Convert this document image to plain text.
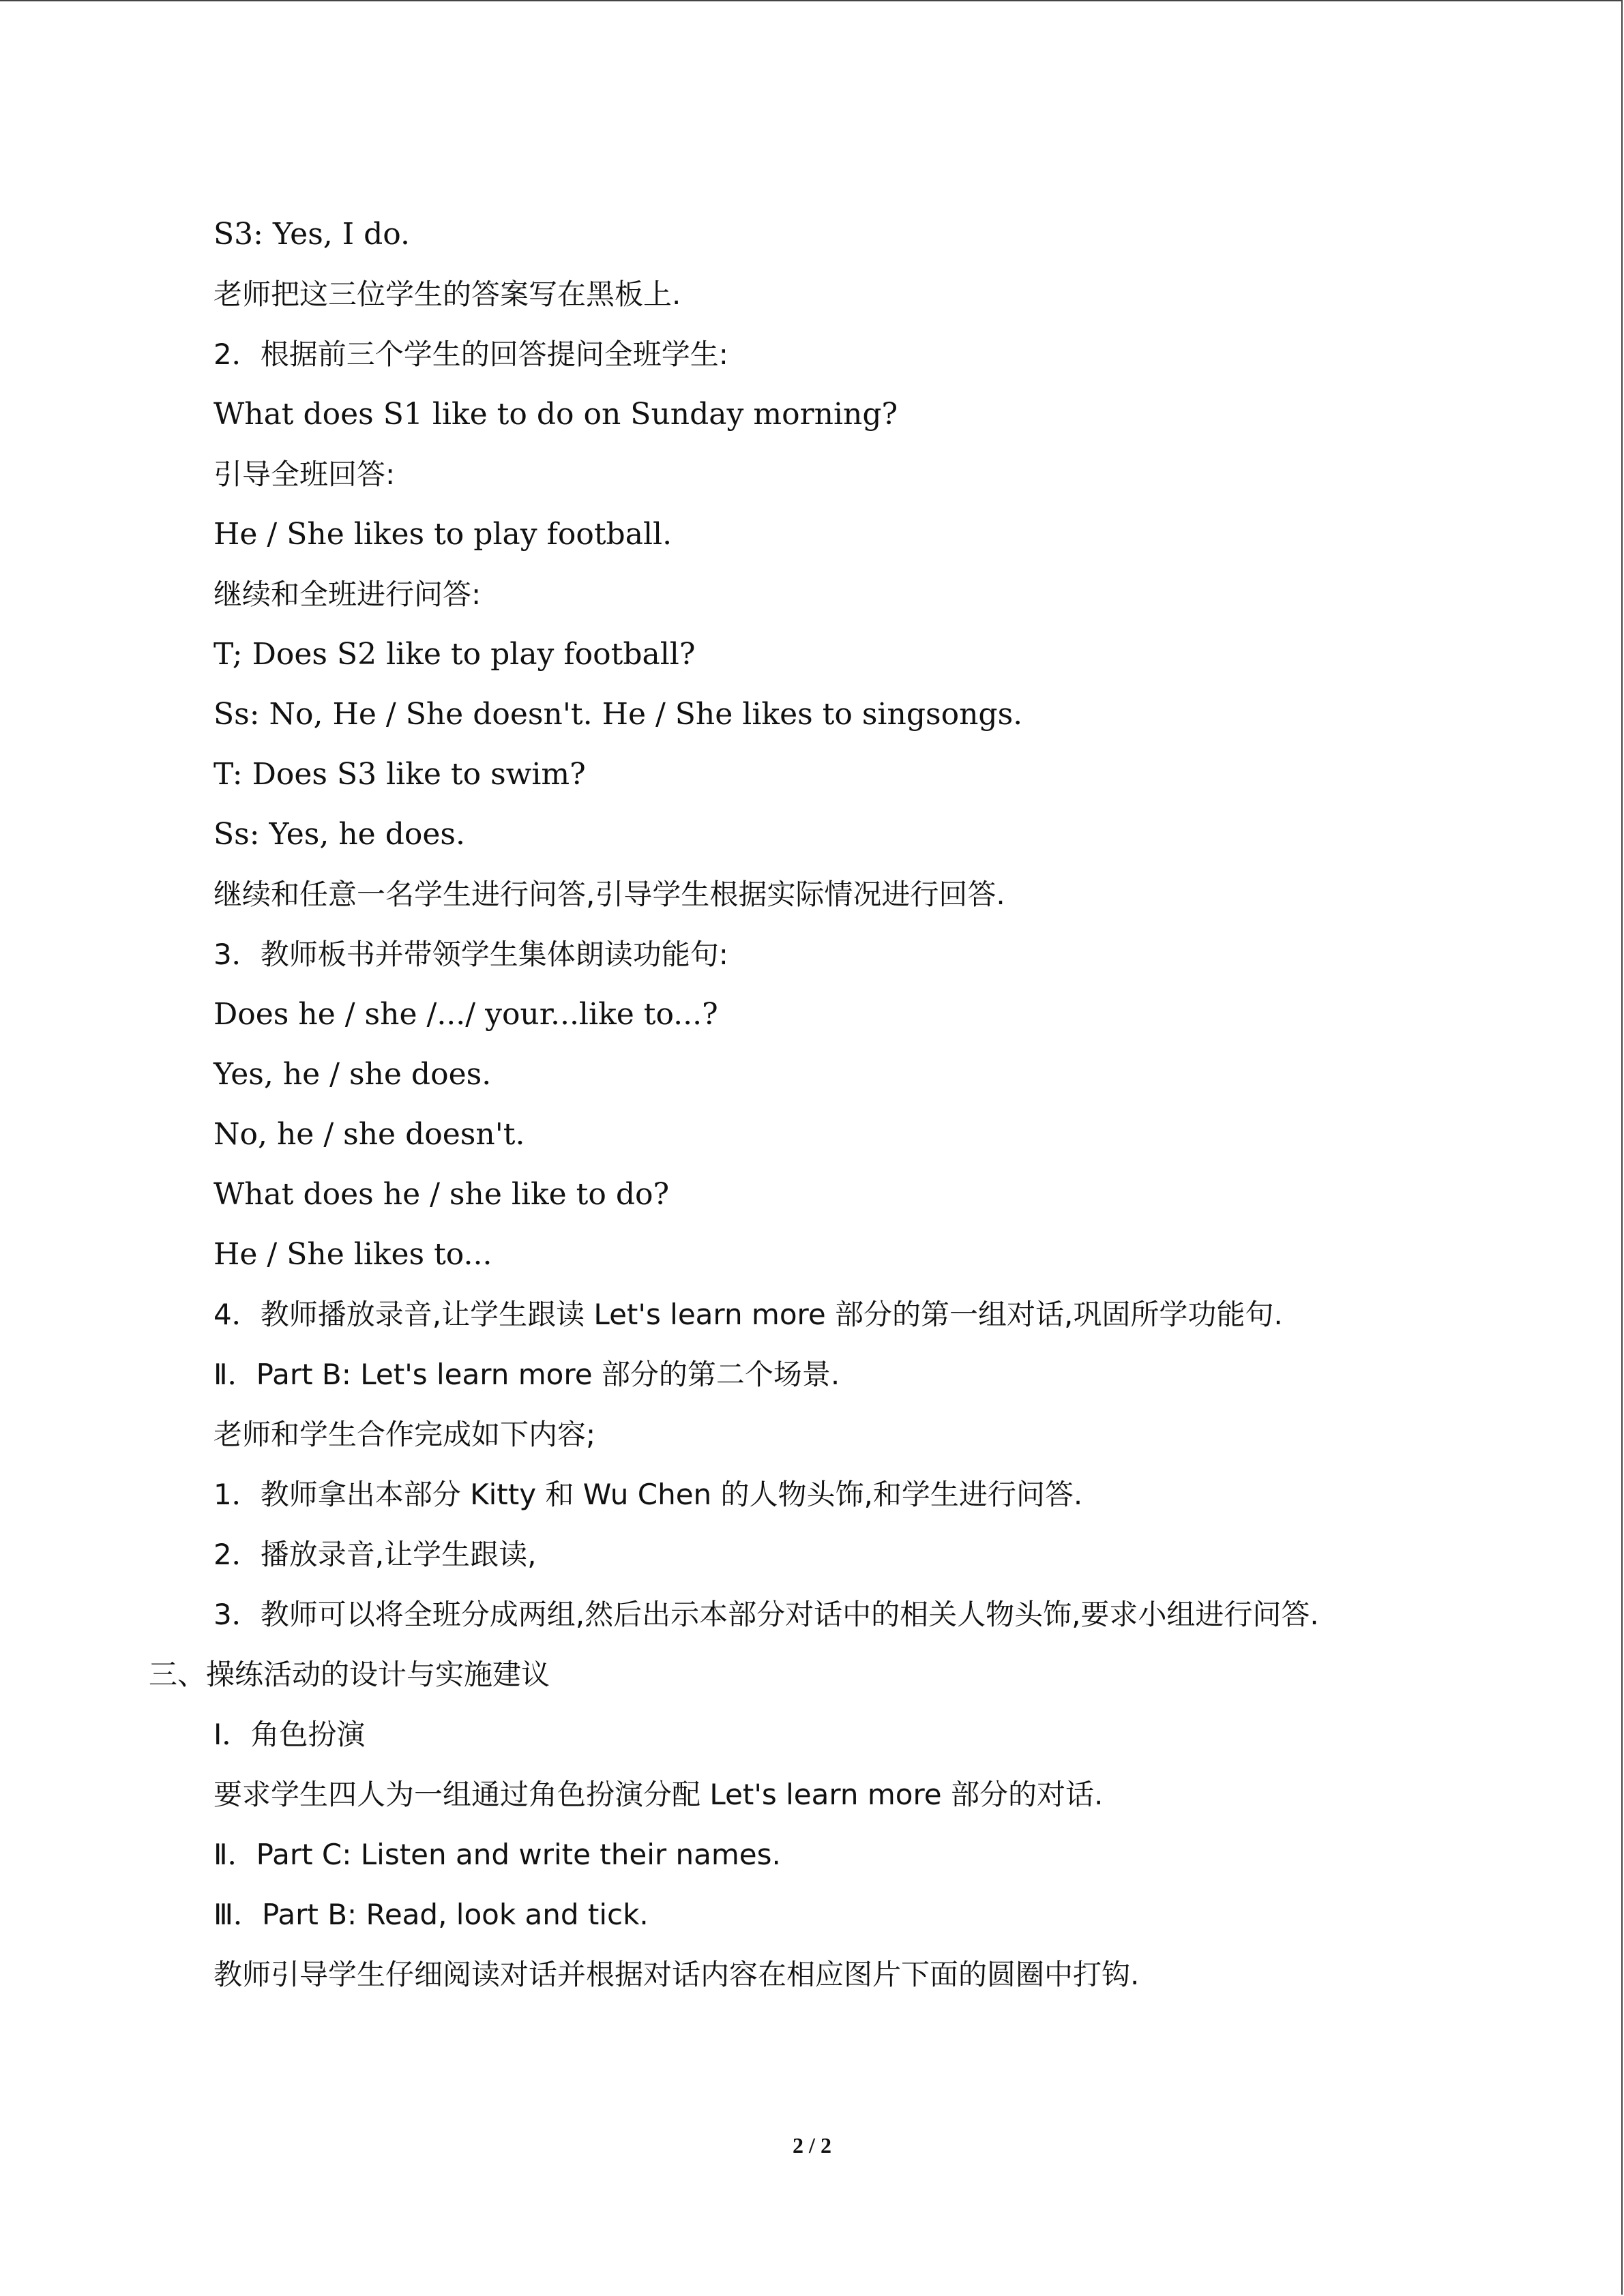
S3: Yes, I do.
老师把这三位学生的答案写在黑板上.
2．根据前三个学生的回答提问全班学生:
What does S1 like to do on Sunday morning?
引导全班回答:
He / She likes to play football.
继续和全班进行问答:
T; Does S2 like to play football?
Ss: No, He / She doesn't. He / She likes to singsongs.
T: Does S3 like to swim?
Ss: Yes, he does.
继续和任意一名学生进行问答,引导学生根据实际情况进行回答.
3．教师板书并带领学生集体朗读功能句:
Does he / she /.../ your...like to...?
Yes, he / she does.
No, he / she doesn't.
What does he / she like to do?
He / She likes to...
4．教师播放录音,让学生跟读 Let's learn more 部分的第一组对话,巩固所学功能句.
Ⅱ．Part B: Let's learn more 部分的第二个场景.
老师和学生合作完成如下内容;
1．教师拿出本部分 Kitty 和 Wu Chen 的人物头饰,和学生进行问答.
2．播放录音,让学生跟读,
3．教师可以将全班分成两组,然后出示本部分对话中的相关人物头饰,要求小组进行问答.
三、操练活动的设计与实施建议
Ⅰ．角色扮演
要求学生四人为一组通过角色扮演分配 Let's learn more 部分的对话.
Ⅱ．Part C: Listen and write their names.
Ⅲ．Part B: Read, look and tick.
教师引导学生仔细阅读对话并根据对话内容在相应图片下面的圆圈中打钩.
2 / 2
